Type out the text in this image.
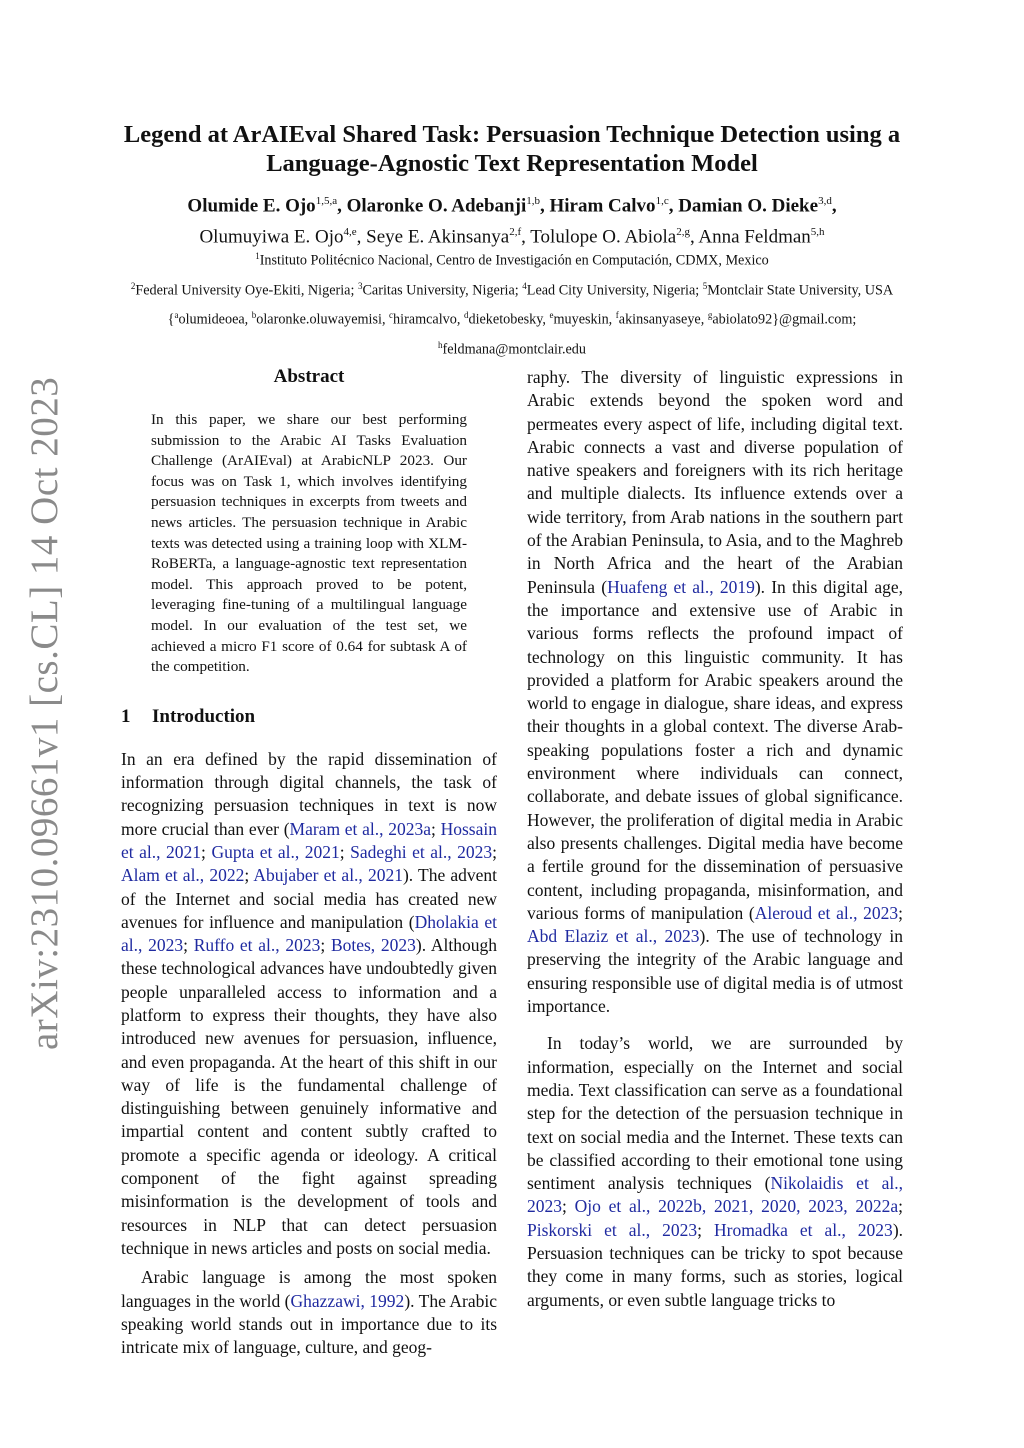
arXiv:2310.09661v1 [cs.CL] 14 Oct 2023
Legend at ArAIEval Shared Task: Persuasion Technique Detection using a Language-Agnostic Text Representation Model
Olumide E. Ojo$^{1,5,a}$, Olaronke O. Adebanji$^{1,b}$, Hiram Calvo$^{1,c}$, Damian O. Dieke$^{3,d}$,
Olumuyiwa E. Ojo$^{4,e}$, Seye E. Akinsanya$^{2,f}$, Tolulope O. Abiola$^{2,g}$, Anna Feldman$^{5,h}$
$^1$Instituto Politécnico Nacional, Centro de Investigación en Computación, CDMX, Mexico
$^2$Federal University Oye-Ekiti, Nigeria; $^3$Caritas University, Nigeria; $^4$Lead City University, Nigeria; $^5$Montclair State University, USA
{$^a$olumideoea, $^b$olaronke.oluwayemisi, $^c$hiramcalvo, $^d$dieketobesky, $^e$muyeskin, $^f$akinsanyaseye, $^g$abiolato92}@gmail.com;
$^h$feldmana@montclair.edu
Abstract

In this paper, we share our best performing submission to the Arabic AI Tasks Evaluation Challenge (ArAIEval) at ArabicNLP 2023. Our focus was on Task 1, which involves identifying persuasion techniques in excerpts from tweets and news articles. The persuasion technique in Arabic texts was detected using a training loop with XLM-RoBERTa, a language-agnostic text representation model. This approach proved to be potent, leveraging fine-tuning of a multilingual language model. In our evaluation of the test set, we achieved a micro F1 score of 0.64 for subtask A of the competition.

1 Introduction

In an era defined by the rapid dissemination of information through digital channels, the task of recognizing persuasion techniques in text is now more crucial than ever (Maram et al., 2023a; Hossain et al., 2021; Gupta et al., 2021; Sadeghi et al., 2023; Alam et al., 2022; Abujaber et al., 2021). The advent of the Internet and social media has created new avenues for influence and manipulation (Dholakia et al., 2023; Ruffo et al., 2023; Botes, 2023). Although these technological advances have undoubtedly given people unparalleled access to information and a platform to express their thoughts, they have also introduced new avenues for persuasion, influence, and even propaganda. At the heart of this shift in our way of life is the fundamental challenge of distinguishing between genuinely informative and impartial content and content subtly crafted to promote a specific agenda or ideology. A critical component of the fight against spreading misinformation is the development of tools and resources in NLP that can detect persuasion technique in news articles and posts on social media.

Arabic language is among the most spoken languages in the world (Ghazzawi, 1992). The Arabic speaking world stands out in importance due to its intricate mix of language, culture, and geog-

raphy. The diversity of linguistic expressions in Arabic extends beyond the spoken word and permeates every aspect of life, including digital text. Arabic connects a vast and diverse population of native speakers and foreigners with its rich heritage and multiple dialects. Its influence extends over a wide territory, from Arab nations in the southern part of the Arabian Peninsula, to Asia, and to the Maghreb in North Africa and the heart of the Arabian Peninsula (Huafeng et al., 2019). In this digital age, the importance and extensive use of Arabic in various forms reflects the profound impact of technology on this linguistic community. It has provided a platform for Arabic speakers around the world to engage in dialogue, share ideas, and express their thoughts in a global context. The diverse Arab-speaking populations foster a rich and dynamic environment where individuals can connect, collaborate, and debate issues of global significance. However, the proliferation of digital media in Arabic also presents challenges. Digital media have become a fertile ground for the dissemination of persuasive content, including propaganda, misinformation, and various forms of manipulation (Aleroud et al., 2023; Abd Elaziz et al., 2023). The use of technology in preserving the integrity of the Arabic language and ensuring responsible use of digital media is of utmost importance.

In today’s world, we are surrounded by information, especially on the Internet and social media. Text classification can serve as a foundational step for the detection of the persuasion technique in text on social media and the Internet. These texts can be classified according to their emotional tone using sentiment analysis techniques (Nikolaidis et al., 2023; Ojo et al., 2022b, 2021, 2020, 2023, 2022a; Piskorski et al., 2023; Hromadka et al., 2023). Persuasion techniques can be tricky to spot because they come in many forms, such as stories, logical arguments, or even subtle language tricks to
